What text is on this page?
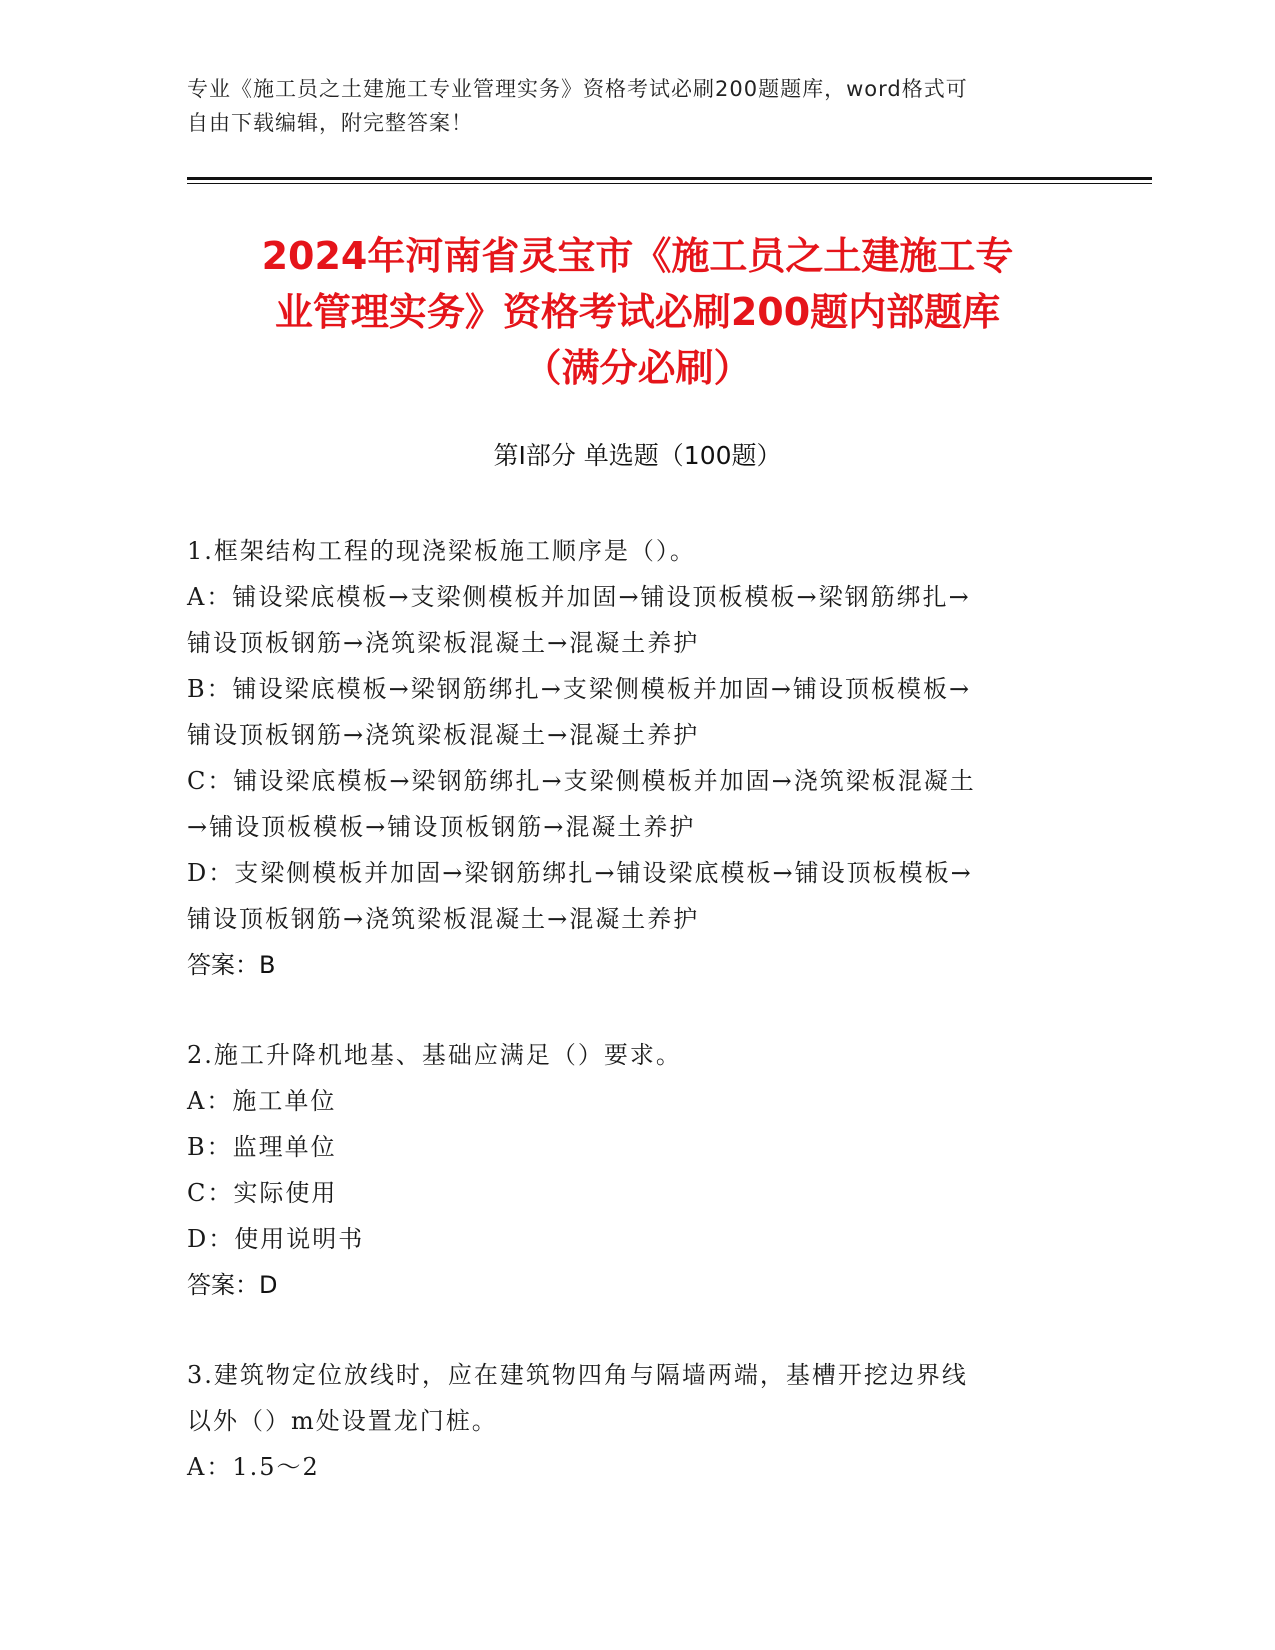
专业《施工员之土建施工专业管理实务》资格考试必刷200题题库，word格式可
自由下载编辑，附完整答案！
2024年河南省灵宝市《施工员之土建施工专
业管理实务》资格考试必刷200题内部题库
（满分必刷）
第Ⅰ部分 单选题（100题）
1.框架结构工程的现浇梁板施工顺序是（）。
A：铺设梁底模板→支梁侧模板并加固→铺设顶板模板→梁钢筋绑扎→
铺设顶板钢筋→浇筑梁板混凝土→混凝土养护
B：铺设梁底模板→梁钢筋绑扎→支梁侧模板并加固→铺设顶板模板→
铺设顶板钢筋→浇筑梁板混凝土→混凝土养护
C：铺设梁底模板→梁钢筋绑扎→支梁侧模板并加固→浇筑梁板混凝土
→铺设顶板模板→铺设顶板钢筋→混凝土养护
D：支梁侧模板并加固→梁钢筋绑扎→铺设梁底模板→铺设顶板模板→
铺设顶板钢筋→浇筑梁板混凝土→混凝土养护
答案：B
2.施工升降机地基、基础应满足（）要求。
A：施工单位
B：监理单位
C：实际使用
D：使用说明书
答案：D
3.建筑物定位放线时，应在建筑物四角与隔墙两端，基槽开挖边界线
以外（）m处设置龙门桩。
A：1.5～2
